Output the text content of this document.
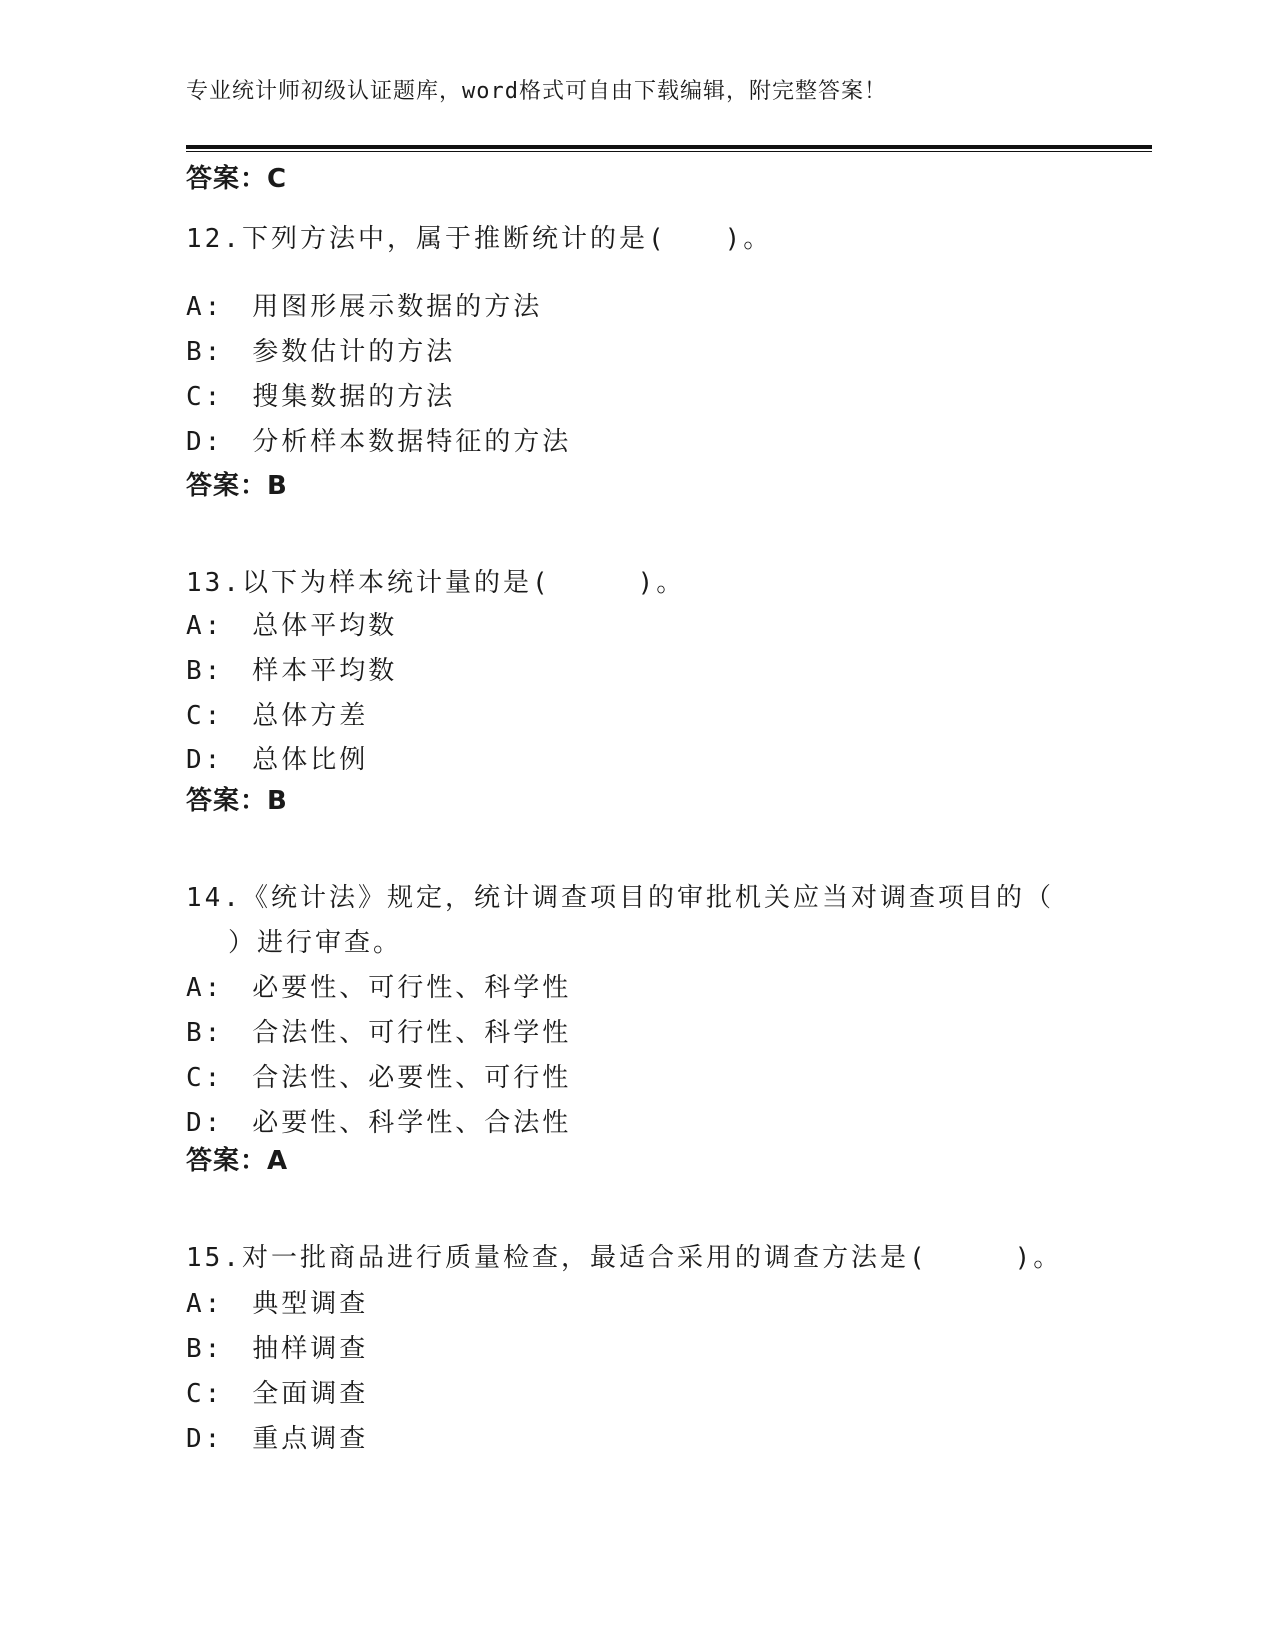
专业统计师初级认证题库，word格式可自由下载编辑，附完整答案！
答案：C
12.下列方法中，属于推断统计的是(　　)。
A:　用图形展示数据的方法
B:　参数估计的方法
C:　搜集数据的方法
D:　分析样本数据特征的方法
答案：B
13.以下为样本统计量的是(　　　)。
A:　总体平均数
B:　样本平均数
C:　总体方差
D:　总体比例
答案：B
14.《统计法》规定，统计调查项目的审批机关应当对调查项目的（
）进行审查。
A:　必要性、可行性、科学性
B:　合法性、可行性、科学性
C:　合法性、必要性、可行性
D:　必要性、科学性、合法性
答案：A
15.对一批商品进行质量检查，最适合采用的调查方法是(　　　)。
A:　典型调查
B:　抽样调查
C:　全面调查
D:　重点调查
